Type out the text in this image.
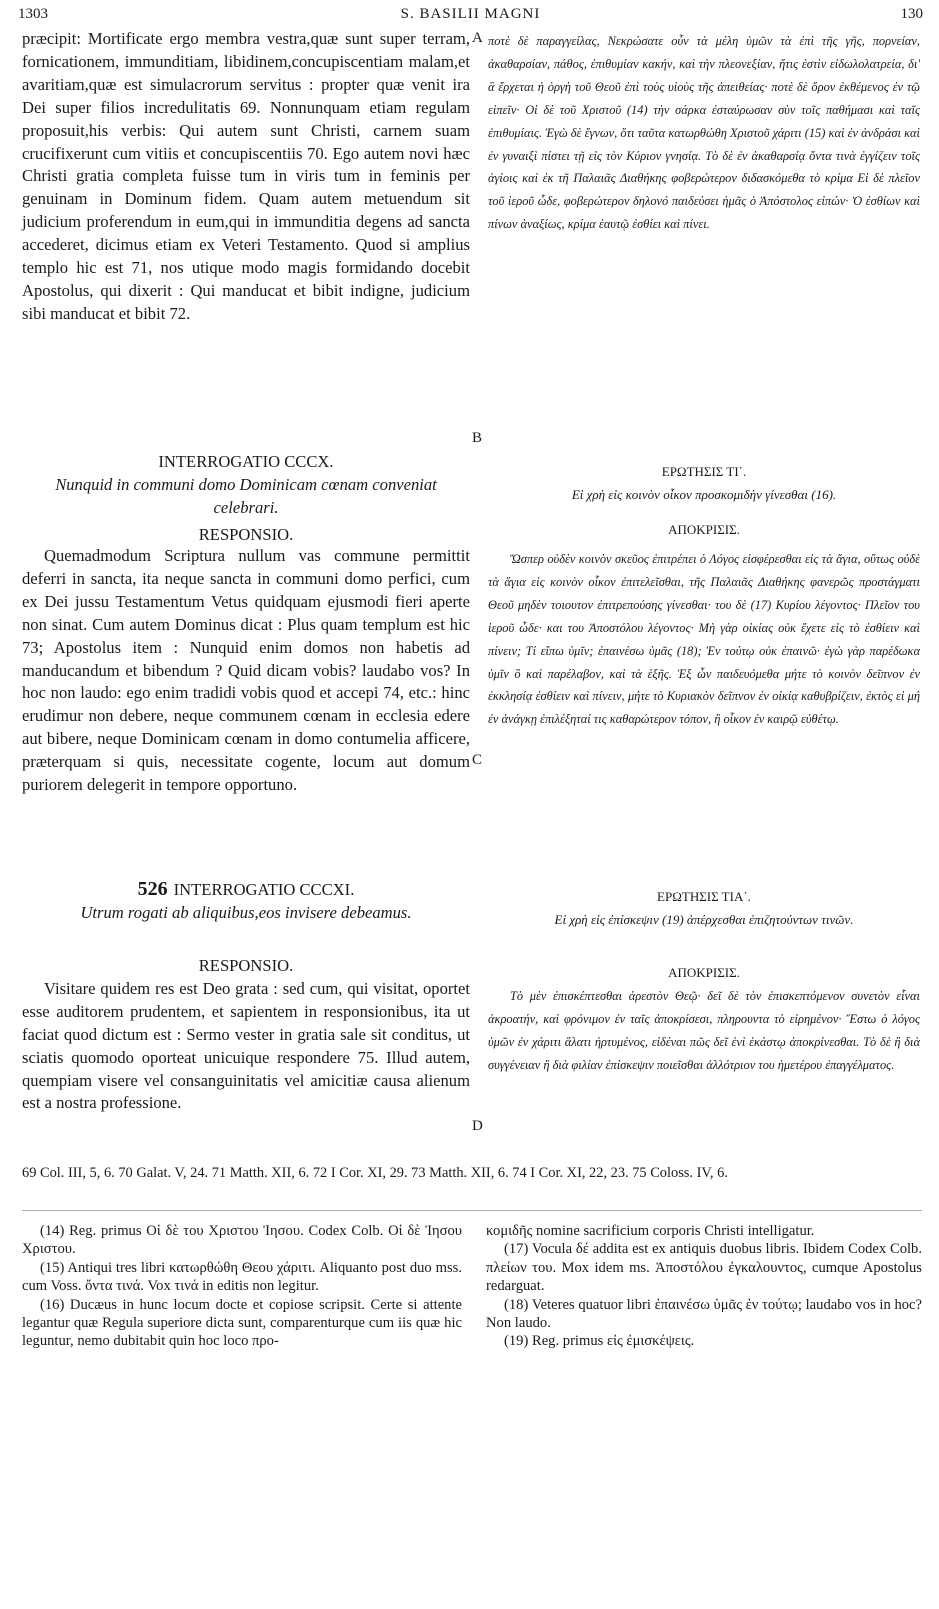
1303	S. BASILII MAGNI	130

præcipit: Mortificate ergo membra vestra,quæ sunt super terram, fornicationem, immunditiam, libidinem,concupiscentiam malam,et avaritiam,quæ est simulacrorum servitus : propter quæ venit ira Dei super filios incredulitatis 69. Nonnunquam etiam regulam proposuit,his verbis: Qui autem sunt Christi, carnem suam crucifixerunt cum vitiis et concupiscentiis 70. Ego autem novi hæc Christi gratia completa fuisse tum in viris tum in feminis per genuinam in Dominum fidem. Quam autem metuendum sit judicium proferendum in eum,qui in immunditia degens ad sancta accederet, dicimus etiam ex Veteri Testamento. Quod si amplius templo hic est 71, nos utique modo magis formidando docebit Apostolus, qui dixerit : Qui manducat et bibit indigne, judicium sibi manducat et bibit 72.

INTERROGATIO CCCX.

Nunquid in communi domo Dominicam cœnam conveniat celebrari.

RESPONSIO.

Quemadmodum Scriptura nullum vas commune permittit deferri in sancta, ita neque sancta in communi domo perfici, cum ex Dei jussu Testamentum Vetus quidquam ejusmodi fieri aperte non sinat. Cum autem Dominus dicat : Plus quam templum est hic 73; Apostolus item : Nunquid enim domos non habetis ad manducandum et bibendum ? Quid dicam vobis? laudabo vos? In hoc non laudo: ego enim tradidi vobis quod et accepi 74, etc.: hinc erudimur non debere, neque communem cœnam in ecclesia edere aut bibere, neque Dominicam cœnam in domo contumelia afficere, præterquam si quis, necessitate cogente, locum aut domum puriorem delegerit in tempore opportuno.

526 INTERROGATIO CCCXI.

Utrum rogati ab aliquibus,eos invisere debeamus.

RESPONSIO.

Visitare quidem res est Deo grata : sed cum, qui visitat, oportet esse auditorem prudentem, et sapientem in responsionibus, ita ut faciat quod dictum est : Sermo vester in gratia sale sit conditus, ut sciatis quomodo oporteat unicuique respondere 75. Illud autem, quempiam visere vel consanguinitatis vel amicitiæ causa alienum est a nostra professione.

A
B
C
D

ποτὲ δὲ παραγγείλας, Νεκρώσατε οὖν τὰ μέλη ὑμῶν τὰ ἐπὶ τῆς γῆς, πορνείαν, ἀκαθαρσίαν, πάθος, ἐπιθυμίαν κακήν, καὶ τὴν πλεονεξίαν, ἥτις ἐστὶν εἰδωλολατρεία, δι' ἃ ἔρχεται ἡ ὀργὴ τοῦ Θεοῦ ἐπὶ τοὺς υἱοὺς τῆς ἀπειθείας· ποτὲ δὲ ὅρον ἐκθέμενος ἐν τῷ εἰπεῖν· Οἱ δὲ τοῦ Χριστοῦ (14) τὴν σάρκα ἐσταύρωσαν σὺν τοῖς παθήμασι καὶ ταῖς ἐπιθυμίαις. Ἐγὼ δὲ ἔγνων, ὅτι ταῦτα κατωρθώθη Χριστοῦ χάριτι (15) καὶ ἐν ἀνδράσι καὶ ἐν γυναιξὶ πίστει τῇ εἰς τὸν Κύριον γνησίᾳ. Τὸ δὲ ἐν ἀκαθαρσίᾳ ὄντα τινὰ ἐγγίζειν τοῖς ἁγίοις καὶ ἐκ τῆ Παλαιᾶς Διαθήκης φοβερώτερον διδασκόμεθα τὸ κρίμα Εἰ δὲ πλεῖον τοῦ ἱεροῦ ὧδε, φοβερώτερον δηλονό παιδεύσει ἡμᾶς ὁ Ἀπόστολος εἰπών· Ὁ ἐσθίων καὶ πίνων ἀναξίως, κρίμα ἑαυτῷ ἐσθίει καὶ πίνει.

ΕΡΩΤΗΣΙΣ ΤΙ΄.

Εἰ χρὴ εἰς κοινὸν οἶκον προσκομιδὴν γίνεσθαι (16).

ΑΠΟΚΡΙΣΙΣ.

Ὥσπερ οὐδὲν κοινὸν σκεῦος ἐπιτρέπει ὁ Λόγος εἰσφέρεσθαι εἰς τὰ ἅγια, οὕτως οὐδὲ τὰ ἅγια εἰς κοινὸν οἶκον ἐπιτελεῖσθαι, τῆς Παλαιᾶς Διαθήκης φανερῶς προστάγματι Θεοῦ μηδὲν τοιουτον ἐπιτρεπούσης γίνεσθαι· του δὲ (17) Κυρίου λέγοντος· Πλεῖον του ἱεροῦ ὧδε· και του Ἀποστόλου λέγοντος· Μὴ γὰρ οἰκίας οὐκ ἔχετε εἰς τὸ ἐσθίειν καὶ πίνειν; Τί εἴπω ὑμῖν; ἐπαινέσω ὑμᾶς (18); Ἐν τούτῳ οὐκ ἐπαινῶ· ἐγὼ γὰρ παρέδωκα ὑμῖν ὃ καὶ παρέλαβον, καὶ τὰ ἑξῆς. Ἐξ ὧν παιδευόμεθα μήτε τὸ κοινὸν δεῖπνον ἐν ἐκκλησίᾳ ἐσθίειν καὶ πίνειν, μήτε τὸ Κυριακὸν δεῖπνον ἐν οἰκίᾳ καθυβρίζειν, ἐκτὸς εἰ μή ἐν ἀνάγκῃ ἐπιλέξηταί τις καθαρώτερον τόπον, ἢ οἶκον ἐν καιρῷ εὐθέτῳ.

ΕΡΩΤΗΣΙΣ ΤΙΑ΄.

Εἰ χρὴ εἰς ἐπίσκεψιν (19) ἀπέρχεσθαι ἐπιζητούντων τινῶν.

ΑΠΟΚΡΙΣΙΣ.

Τὸ μὲν ἐπισκέπτεσθαι ἀρεστὸν Θεῷ· δεῖ δὲ τὸν ἐπισκεπτόμενον συνετὸν εἶναι ἀκροατήν, καὶ φρόνιμον ἐν ταῖς ἀποκρίσεσι, πληρουντα τὸ εἰρημένον· Ἔστω ὁ λόγος ὑμῶν ἐν χάριτι ἅλατι ἠρτυμένος, εἰδέναι πῶς δεῖ ἑνὶ ἑκάστῳ ἀποκρίνεσθαι. Τὸ δὲ ἢ διὰ συγγένειαν ἢ διὰ φιλίαν ἐπίσκεψιν ποιεῖσθαι ἀλλότριον του ἡμετέρου ἐπαγγέλματος.

69 Col. III, 5, 6. 70 Galat. V, 24. 71 Matth. XII, 6. 72 I Cor. XI, 29. 73 Matth. XII, 6. 74 I Cor. XI, 22, 23. 75 Coloss. IV, 6.

(14) Reg. primus Οἱ δὲ του Χριστου Ἰησου. Codex Colb. Οἱ δὲ Ἰησου Χριστου.

(15) Antiqui tres libri κατωρθώθη Θεου χάριτι. Aliquanto post duo mss. cum Voss. ὄντα τινά. Vox τινά in editis non legitur.

(16) Ducæus in hunc locum docte et copiose scripsit. Certe si attente legantur quæ Regula superiore dicta sunt, comparenturque cum iis quæ hic leguntur, nemo dubitabit quin hoc loco προ-

κομιδῆς nomine sacrificium corporis Christi intelligatur.

(17) Vocula δέ addita est ex antiquis duobus libris. Ibidem Codex Colb. πλείων του. Mox idem ms. Ἀποστόλου ἐγκαλουντος, cumque Apostolus redarguat.

(18) Veteres quatuor libri ἐπαινέσω ὑμᾶς ἐν τούτῳ; laudabo vos in hoc? Non laudo.

(19) Reg. primus εἰς ἐμισκέψεις.
